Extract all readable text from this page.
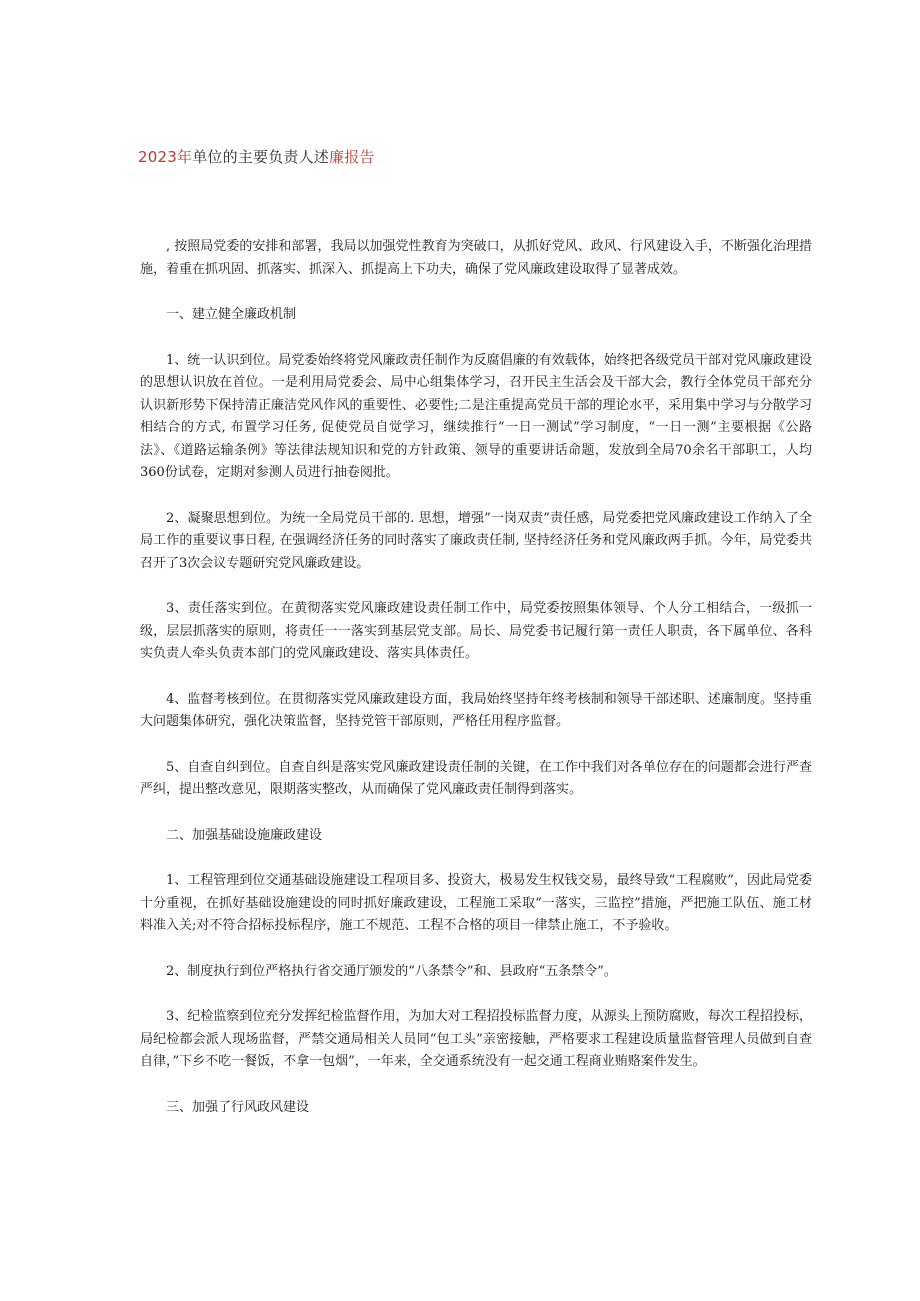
2023年单位的主要负责人述廉报告

, 按照局党委的安排和部署，我局以加强党性教育为突破口，从抓好党风、政风、行风建设入手，不断强化治理措施，着重在抓巩固、抓落实、抓深入、抓提高上下功夫，确保了党风廉政建设取得了显著成效。

一、建立健全廉政机制

1、统一认识到位。局党委始终将党风廉政责任制作为反腐倡廉的有效载体，始终把各级党员干部对党风廉政建设的思想认识放在首位。一是利用局党委会、局中心组集体学习，召开民主生活会及干部大会，教行全体党员干部充分认识新形势下保持清正廉洁党风作风的重要性、必要性;二是注重提高党员干部的理论水平，采用集中学习与分散学习相结合的方式, 布置学习任务, 促使党员自觉学习，继续推行“一日一测试”学习制度，“一日一测”主要根据《公路法》、《道路运输条例》等法律法规知识和党的方针政策、领导的重要讲话命题，发放到全局70余名干部职工，人均360份试卷，定期对参测人员进行抽卷阅批。

2、凝聚思想到位。为统一全局党员干部的. 思想，增强”一岗双责”责任感，局党委把党风廉政建设工作纳入了全局工作的重要议事日程, 在强调经济任务的同时落实了廉政责任制, 坚持经济任务和党风廉政两手抓。今年，局党委共召开了3次会议专题研究党风廉政建设。

3、责任落实到位。在黄彻落实党风廉政建设责任制工作中，局党委按照集体领导、个人分工相结合，一级抓一级，层层抓落实的原则，将责任一一落实到基层党支部。局长、局党委书记履行第一责任人职责，各下属单位、各科实负责人牵头负责本部门的党风廉政建设、落实具体责任。

4、监督考核到位。在贯彻落实党风廉政建设方面，我局始终坚持年终考核制和领导干部述职、述廉制度。坚持重大问题集体研究，强化决策监督，坚持党管干部原则，严格任用程序监督。

5、自查自纠到位。自查自纠是落实党风廉政建设责任制的关键，在工作中我们对各单位存在的问题都会进行严查严纠，提出整改意见，限期落实整改，从而确保了党风廉政责任制得到落实。

二、加强基础设施廉政建设

1、工程管理到位交通基础设施建设工程项目多、投资大，极易发生权钱交易，最终导致“工程腐败”，因此局党委十分重视，在抓好基础设施建设的同时抓好廉政建设，工程施工采取“一落实，三监控”措施，严把施工队伍、施工材料准入关;对不符合招标投标程序，施工不规范、工程不合格的项目一律禁止施工，不予验收。

2、制度执行到位严格执行省交通厅颁发的“八条禁令”和、县政府“五条禁令”。

3、纪检监察到位充分发挥纪检监督作用，为加大对工程招投标监督力度，从源头上预防腐败，每次工程招投标，局纪检都会派人现场监督，严禁交通局相关人员同“包工头”亲密接触，严格要求工程建设质量监督管理人员做到自查自律，”下乡不吃一餐饭，不拿一包烟”，一年来，全交通系统没有一起交通工程商业贿赂案件发生。

三、加强了行风政风建设
